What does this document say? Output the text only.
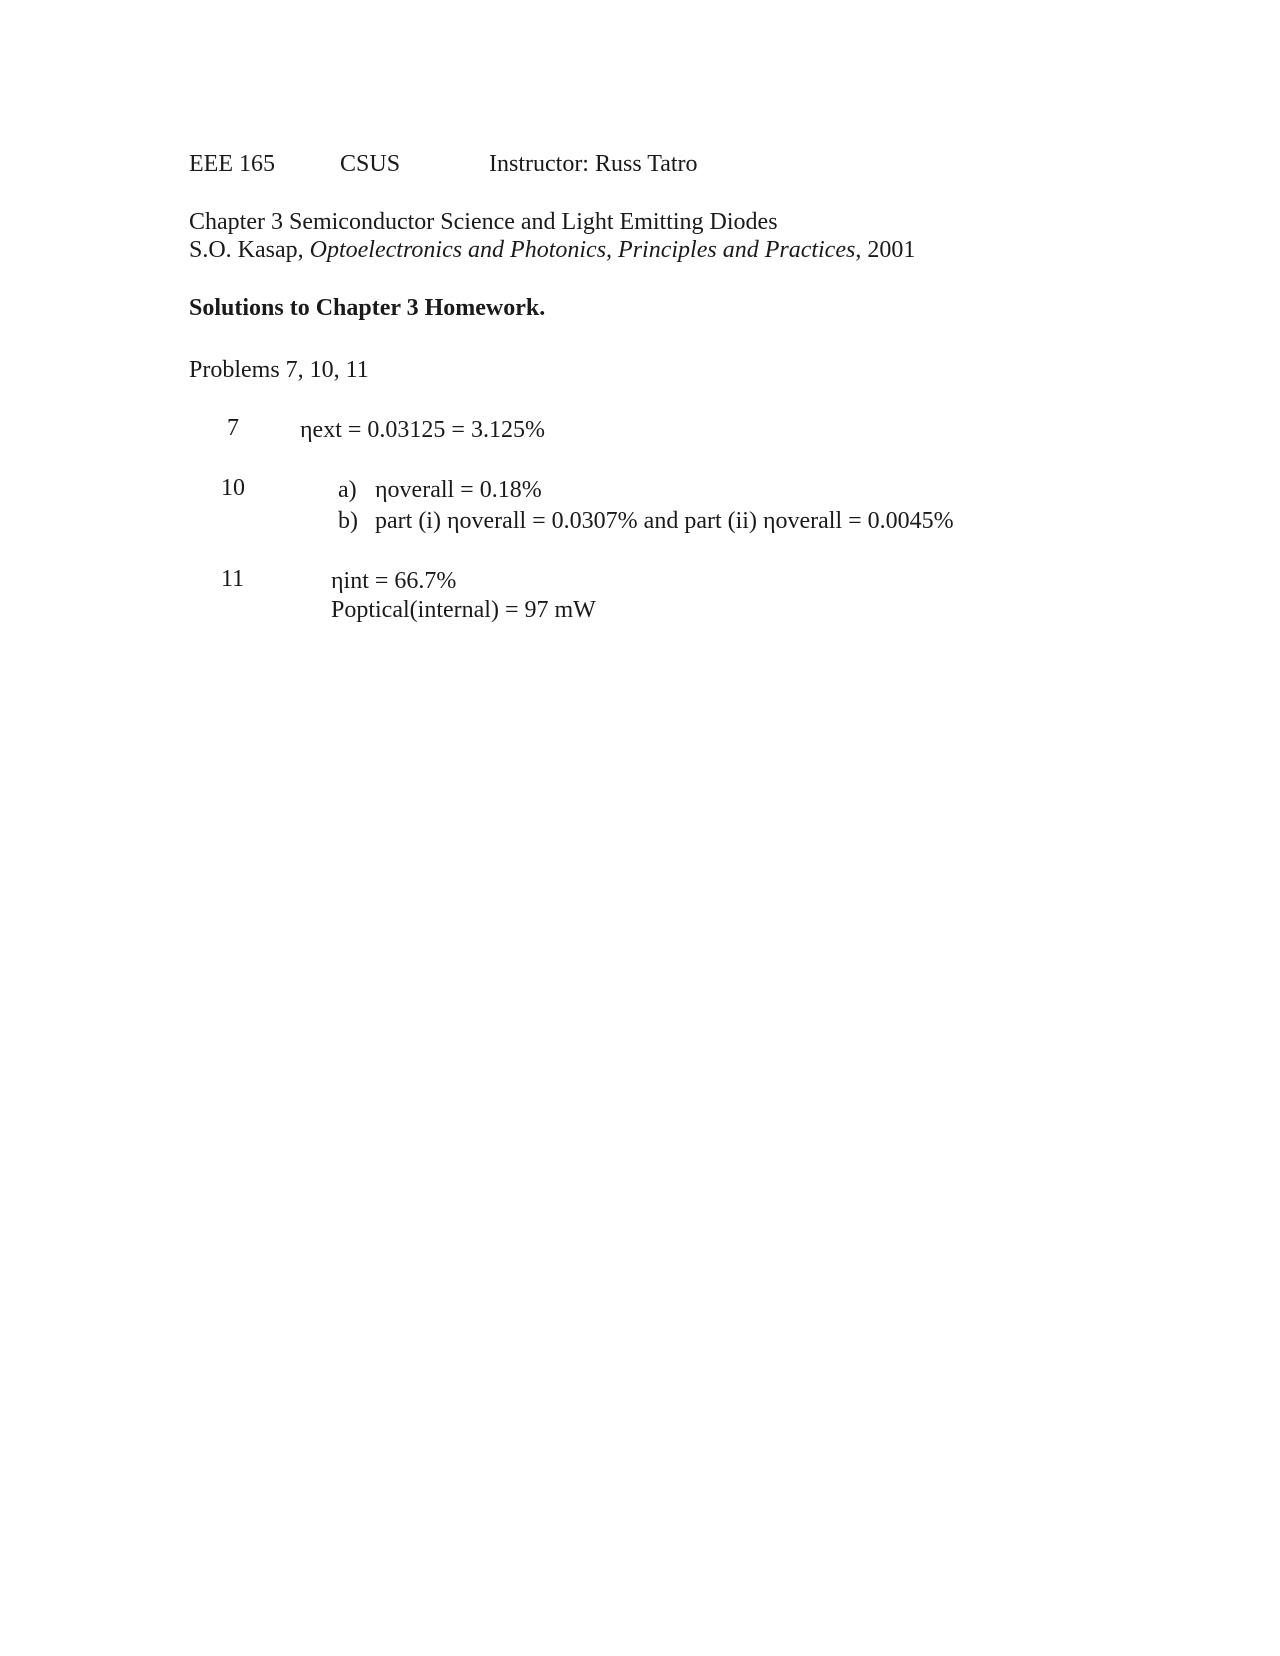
EEE 165	CSUS	Instructor: Russ Tatro
Chapter 3 Semiconductor Science and Light Emitting Diodes
S.O. Kasap, Optoelectronics and Photonics, Principles and Practices, 2001
Solutions to Chapter 3 Homework.
Problems 7, 10, 11
7	ηext = 0.03125 = 3.125%
10	a) ηoverall = 0.18%
b) part (i) ηoverall = 0.0307% and part (ii) ηoverall = 0.0045%
11	ηint = 66.7%
Poptical(internal) = 97 mW
